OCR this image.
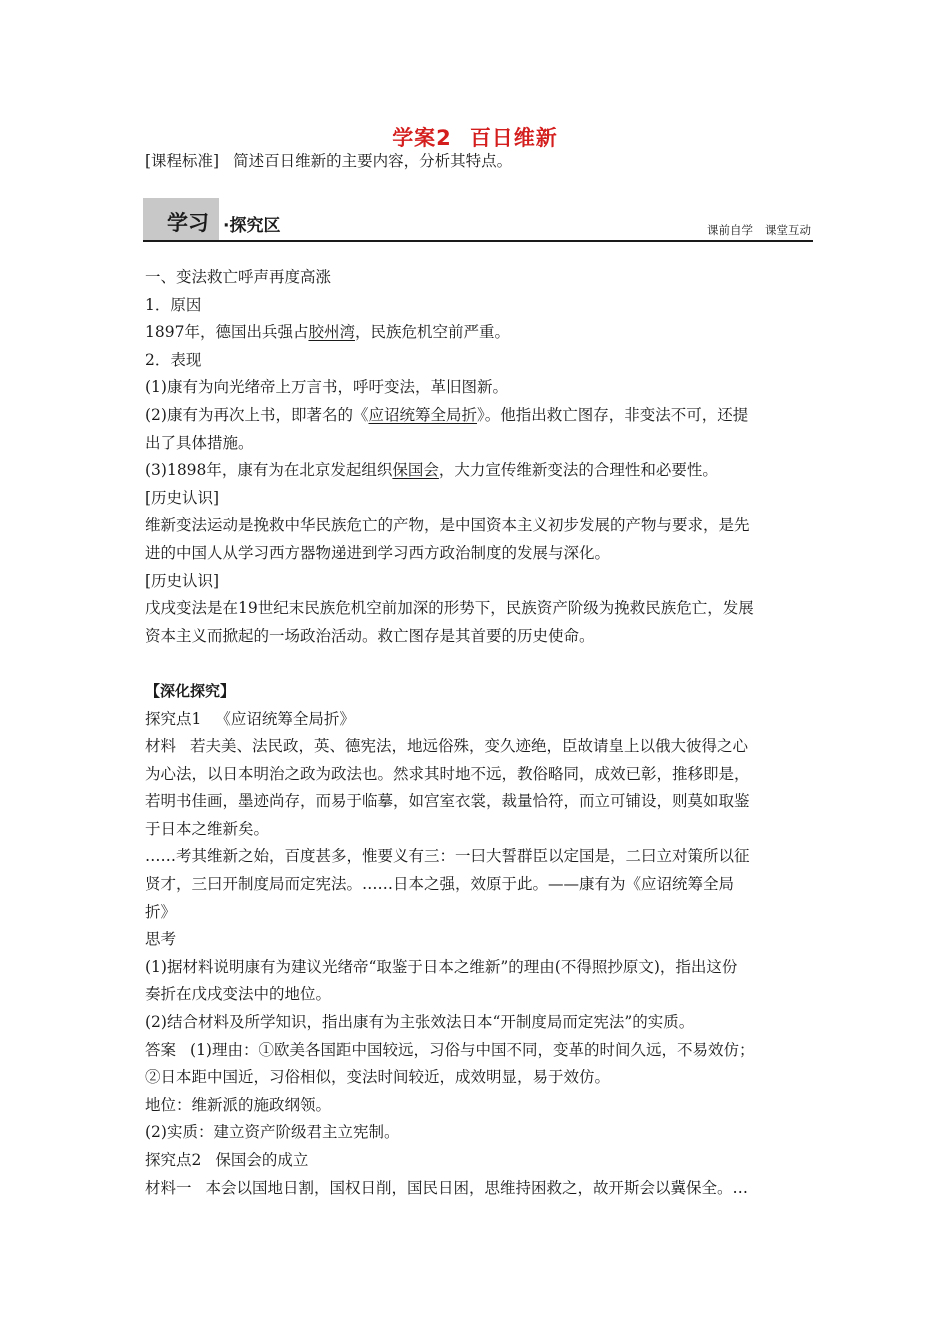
学案2 百日维新
[课程标准] 简述百日维新的主要内容，分析其特点。
学习 ·探究区	课前自学 课堂互动

一、变法救亡呼声再度高涨

1．原因

1897年，德国出兵强占胶州湾，民族危机空前严重。

2．表现

(1)康有为向光绪帝上万言书，呼吁变法，革旧图新。

(2)康有为再次上书，即著名的《应诏统筹全局折》。他指出救亡图存，非变法不可，还提

出了具体措施。

(3)1898年，康有为在北京发起组织保国会，大力宣传维新变法的合理性和必要性。

[历史认识]

维新变法运动是挽救中华民族危亡的产物，是中国资本主义初步发展的产物与要求，是先

进的中国人从学习西方器物递进到学习西方政治制度的发展与深化。

[历史认识]

戊戌变法是在19世纪末民族危机空前加深的形势下，民族资产阶级为挽救民族危亡，发展

资本主义而掀起的一场政治活动。救亡图存是其首要的历史使命。

【深化探究】

探究点1 《应诏统筹全局折》

材料 若夫美、法民政，英、德宪法，地远俗殊，变久迹绝，臣故请皇上以俄大彼得之心

为心法，以日本明治之政为政法也。然求其时地不远，教俗略同，成效已彰，推移即是，

若明书佳画，墨迹尚存，而易于临摹，如宫室衣裳，裁量恰符，而立可铺设，则莫如取鉴

于日本之维新矣。

……考其维新之始，百度甚多，惟要义有三：一曰大誓群臣以定国是，二曰立对策所以征

贤才，三曰开制度局而定宪法。……日本之强，效原于此。——康有为《应诏统筹全局

折》

思考

(1)据材料说明康有为建议光绪帝“取鉴于日本之维新”的理由(不得照抄原文)，指出这份

奏折在戊戌变法中的地位。

(2)结合材料及所学知识，指出康有为主张效法日本“开制度局而定宪法”的实质。

答案 (1)理由：①欧美各国距中国较远，习俗与中国不同，变革的时间久远，不易效仿；

②日本距中国近，习俗相似，变法时间较近，成效明显，易于效仿。

地位：维新派的施政纲领。

(2)实质：建立资产阶级君主立宪制。

探究点2 保国会的成立

材料一 本会以国地日割，国权日削，国民日困，思维持困救之，故开斯会以冀保全。…
